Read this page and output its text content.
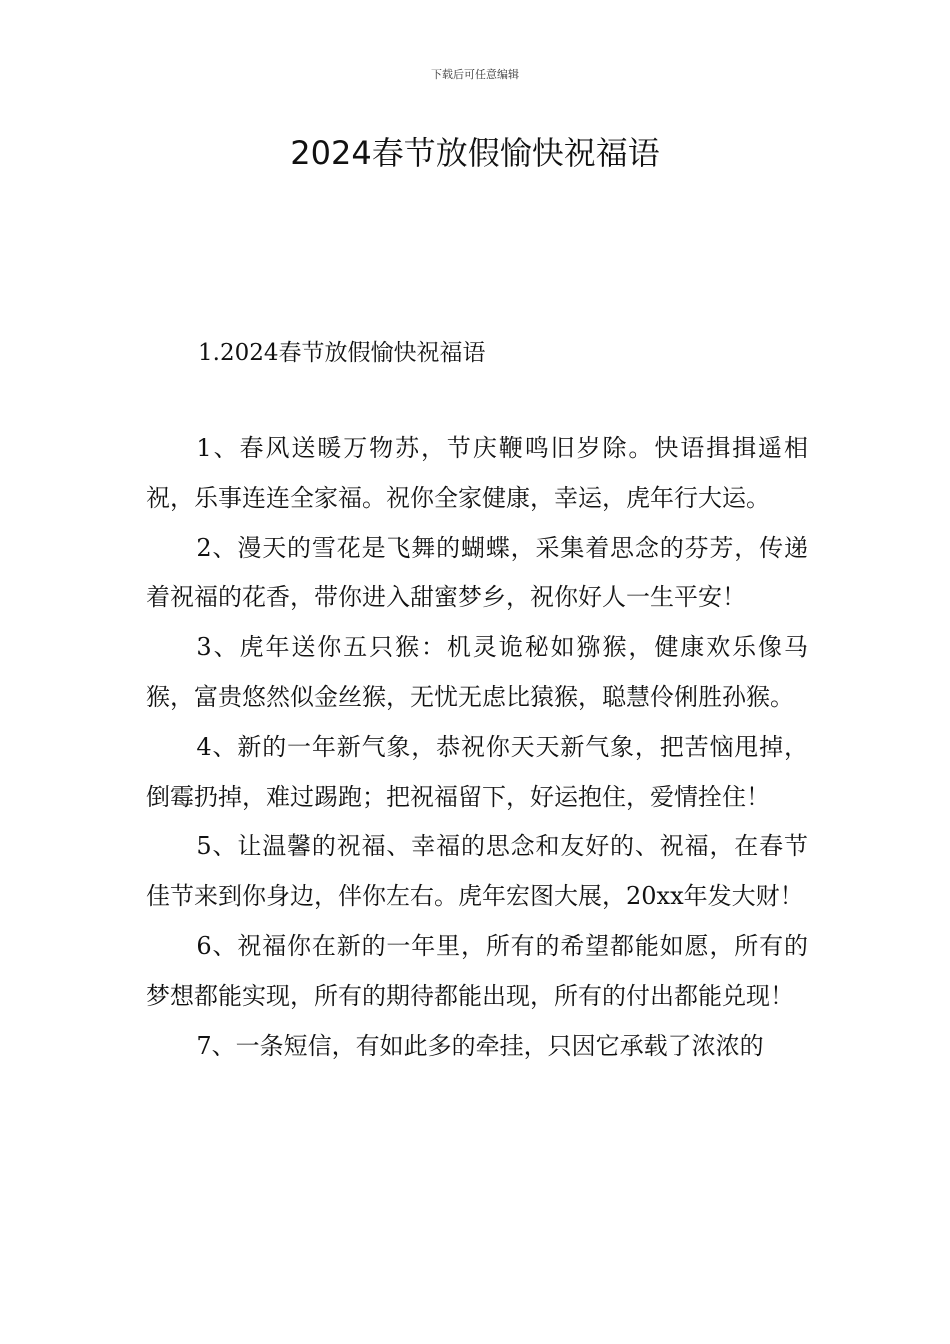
下载后可任意编辑
2024春节放假愉快祝福语
1.2024春节放假愉快祝福语

1、春风送暖万物苏，节庆鞭鸣旧岁除。快语揖揖遥相祝，乐事连连全家福。祝你全家健康，幸运，虎年行大运。

2、漫天的雪花是飞舞的蝴蝶，采集着思念的芬芳，传递着祝福的花香，带你进入甜蜜梦乡，祝你好人一生平安！

3、虎年送你五只猴：机灵诡秘如猕猴，健康欢乐像马猴，富贵悠然似金丝猴，无忧无虑比猿猴，聪慧伶俐胜孙猴。

4、新的一年新气象，恭祝你天天新气象，把苦恼甩掉，倒霉扔掉，难过踢跑；把祝福留下，好运抱住，爱情拴住！

5、让温馨的祝福、幸福的思念和友好的、祝福，在春节佳节来到你身边，伴你左右。虎年宏图大展，20xx年发大财！

6、祝福你在新的一年里，所有的希望都能如愿，所有的梦想都能实现，所有的期待都能出现，所有的付出都能兑现！

7、一条短信，有如此多的牵挂，只因它承载了浓浓的
